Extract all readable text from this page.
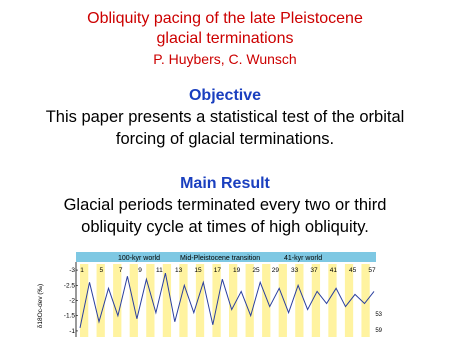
Obliquity pacing of the late Pleistocene
glacial terminations
P. Huybers, C. Wunsch
Objective
This paper presents a statistical test of the orbital
forcing of glacial terminations.
Main Result
Glacial periods terminated every two or third
obliquity cycle at times of high obliquity.
100-kyr world	Mid-Pleistocene transition	41-kyr world
1 5 7 9 11 13 15 17 19 25 29 33 37 41 45 57
-3
-2.5
-2
-1.5
-1
δ18Oc-dev (‰)	53
59
